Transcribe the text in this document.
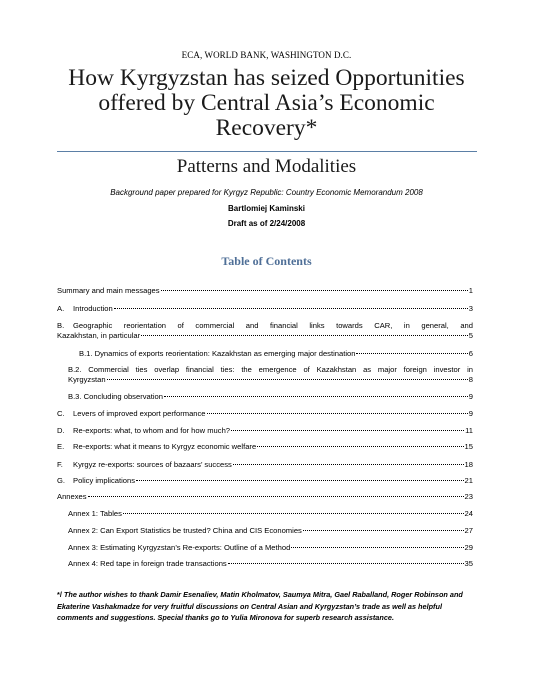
ECA, WORLD BANK, WASHINGTON D.C.
How Kyrgyzstan has seized Opportunities
offered by Central Asia’s Economic
Recovery*
Patterns and Modalities
Background paper prepared for Kyrgyz Republic: Country Economic Memorandum 2008
Bartlomiej Kaminski
Draft as of 2/24/2008
Table of Contents
Summary and main messages	1
A.	Introduction	3
B.	Geographic reorientation of commercial and financial links towards CAR, in general, and
Kazakhstan, in particular	5
B.1. Dynamics of exports reorientation: Kazakhstan as emerging major destination	6
B.2. Commercial ties overlap financial ties: the emergence of Kazakhstan as major foreign investor in
Kyrgyzstan	8
B.3. Concluding observation	9
C.	Levers of improved export performance	9
D.	Re-exports: what, to whom and for how much?	11
E.	Re-exports: what it means to Kyrgyz economic welfare	15
F.	Kyrgyz re-exports: sources of bazaars’ success	18
G.	Policy implications	21
Annexes	23
Annex 1: Tables	24
Annex 2: Can Export Statistics be trusted? China and CIS Economies	27
Annex 3: Estimating Kyrgyzstan’s Re-exports: Outline of a Method	29
Annex 4: Red tape in foreign trade transactions	35
*/ The author wishes to thank Damir Esenaliev, Matin Kholmatov, Saumya Mitra, Gael Raballand, Roger Robinson and Ekaterine Vashakmadze for very fruitful discussions on Central Asian and Kyrgyzstan’s trade as well as helpful comments and suggestions. Special thanks go to Yulia Mironova for superb research assistance.
